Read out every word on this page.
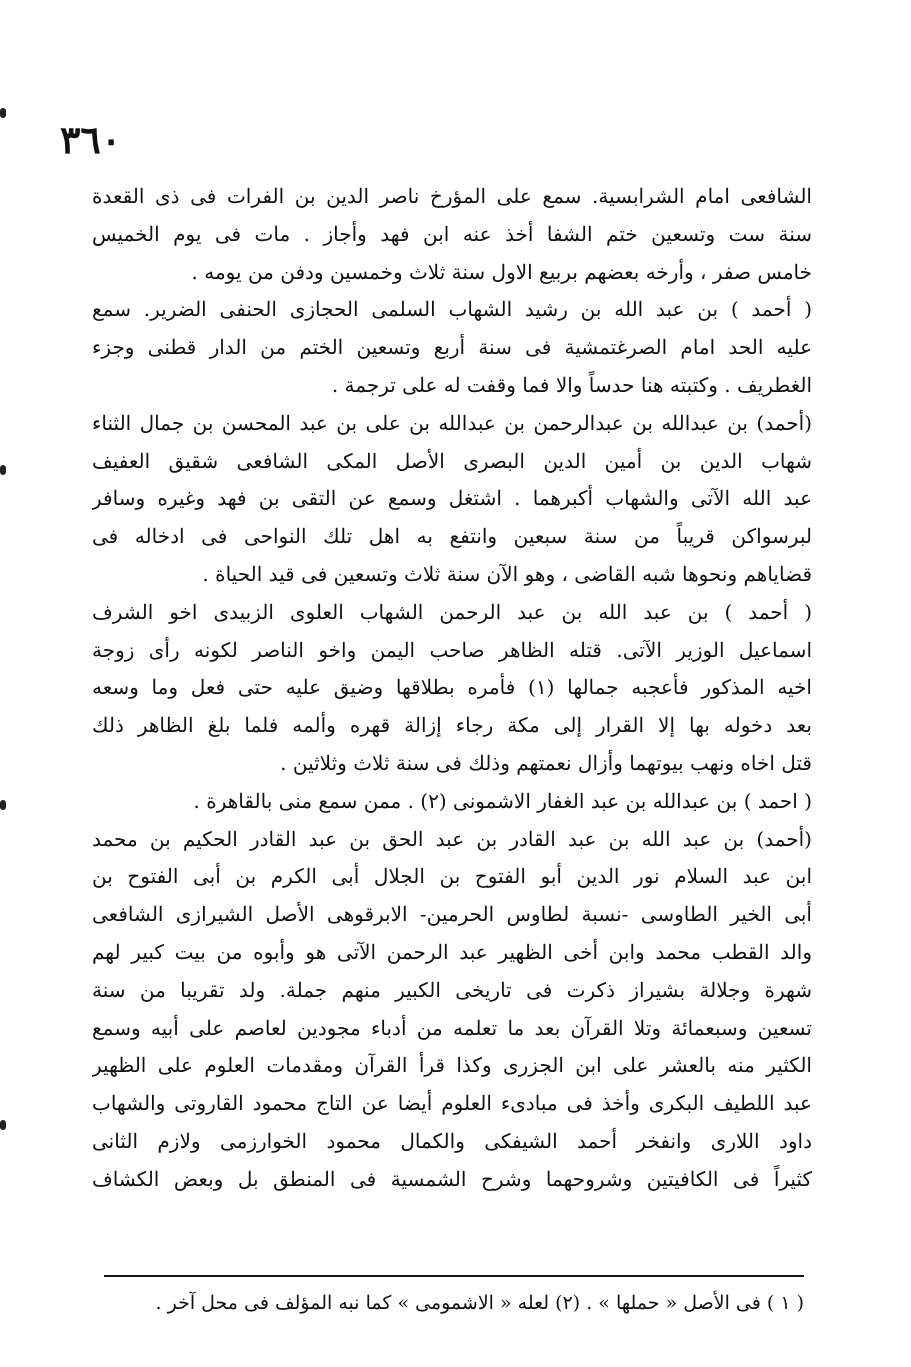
٣٦٠
الشافعى امام الشرابسية. سمع على المؤرخ ناصر الدين بن الفرات فى ذى القعدة
سنة ست وتسعين ختم الشفا أخذ عنه ابن فهد وأجاز . مات فى يوم الخميس
خامس صفر ، وأرخه بعضهم بربيع الاول سنة ثلاث وخمسين ودفن من يومه .
( أحمد ) بن عبد الله بن رشيد الشهاب السلمى الحجازى الحنفى الضرير. سمع
عليه الحد امام الصرغتمشية فى سنة أربع وتسعين الختم من الدار قطنى وجزء
الغطريف . وكتبته هنا حدساً والا فما وقفت له على ترجمة .
(أحمد) بن عبدالله بن عبدالرحمن بن عبدالله بن على بن عبد المحسن بن جمال الثناء
شهاب الدين بن أمين الدين البصرى الأصل المكى الشافعى شقيق العفيف
عبد الله الآتى والشهاب أكبرهما . اشتغل وسمع عن التقى بن فهد وغيره وسافر
لبرسواكن قريباً من سنة سبعين وانتفع به اهل تلك النواحى فى ادخاله فى
قضاياهم ونحوها شبه القاضى ، وهو الآن سنة ثلاث وتسعين فى قيد الحياة .
( أحمد ) بن عبد الله بن عبد الرحمن الشهاب العلوى الزبيدى اخو الشرف
اسماعيل الوزير الآتى. قتله الظاهر صاحب اليمن واخو الناصر لكونه رأى زوجة
اخيه المذكور فأعجبه جمالها (١) فأمره بطلاقها وضيق عليه حتى فعل وما وسعه
بعد دخوله بها إلا القرار إلى مكة رجاء إزالة قهره وألمه فلما بلغ الظاهر ذلك
قتل اخاه ونهب بيوتهما وأزال نعمتهم وذلك فى سنة ثلاث وثلاثين .
( احمد ) بن عبدالله بن عبد الغفار الاشمونى (٢) . ممن سمع منى بالقاهرة .
(أحمد) بن عبد الله بن عبد القادر بن عبد الحق بن عبد القادر الحكيم بن محمد
ابن عبد السلام نور الدين أبو الفتوح بن الجلال أبى الكرم بن أبى الفتوح بن
أبى الخير الطاوسى -نسبة لطاوس الحرمين- الابرقوهى الأصل الشيرازى الشافعى
والد القطب محمد وابن أخى الظهير عبد الرحمن الآتى هو وأبوه من بيت كبير لهم
شهرة وجلالة بشيراز ذكرت فى تاريخى الكبير منهم جملة. ولد تقريبا من سنة
تسعين وسبعمائة وتلا القرآن بعد ما تعلمه من أدباء مجودين لعاصم على أبيه وسمع
الكثير منه بالعشر على ابن الجزرى وكذا قرأ القرآن ومقدمات العلوم على الظهير
عبد اللطيف البكرى وأخذ فى مبادىء العلوم أيضا عن التاج محمود القاروتى والشهاب
داود اللارى وانفخر أحمد الشيفكى والكمال محمود الخوارزمى ولازم الثانى
كثيراً فى الكافيتين وشروحهما وشرح الشمسية فى المنطق بل وبعض الكشاف
( ١ ) فى الأصل « حملها » . (٢) لعله « الاشمومى » كما نبه المؤلف فى محل آخر .
